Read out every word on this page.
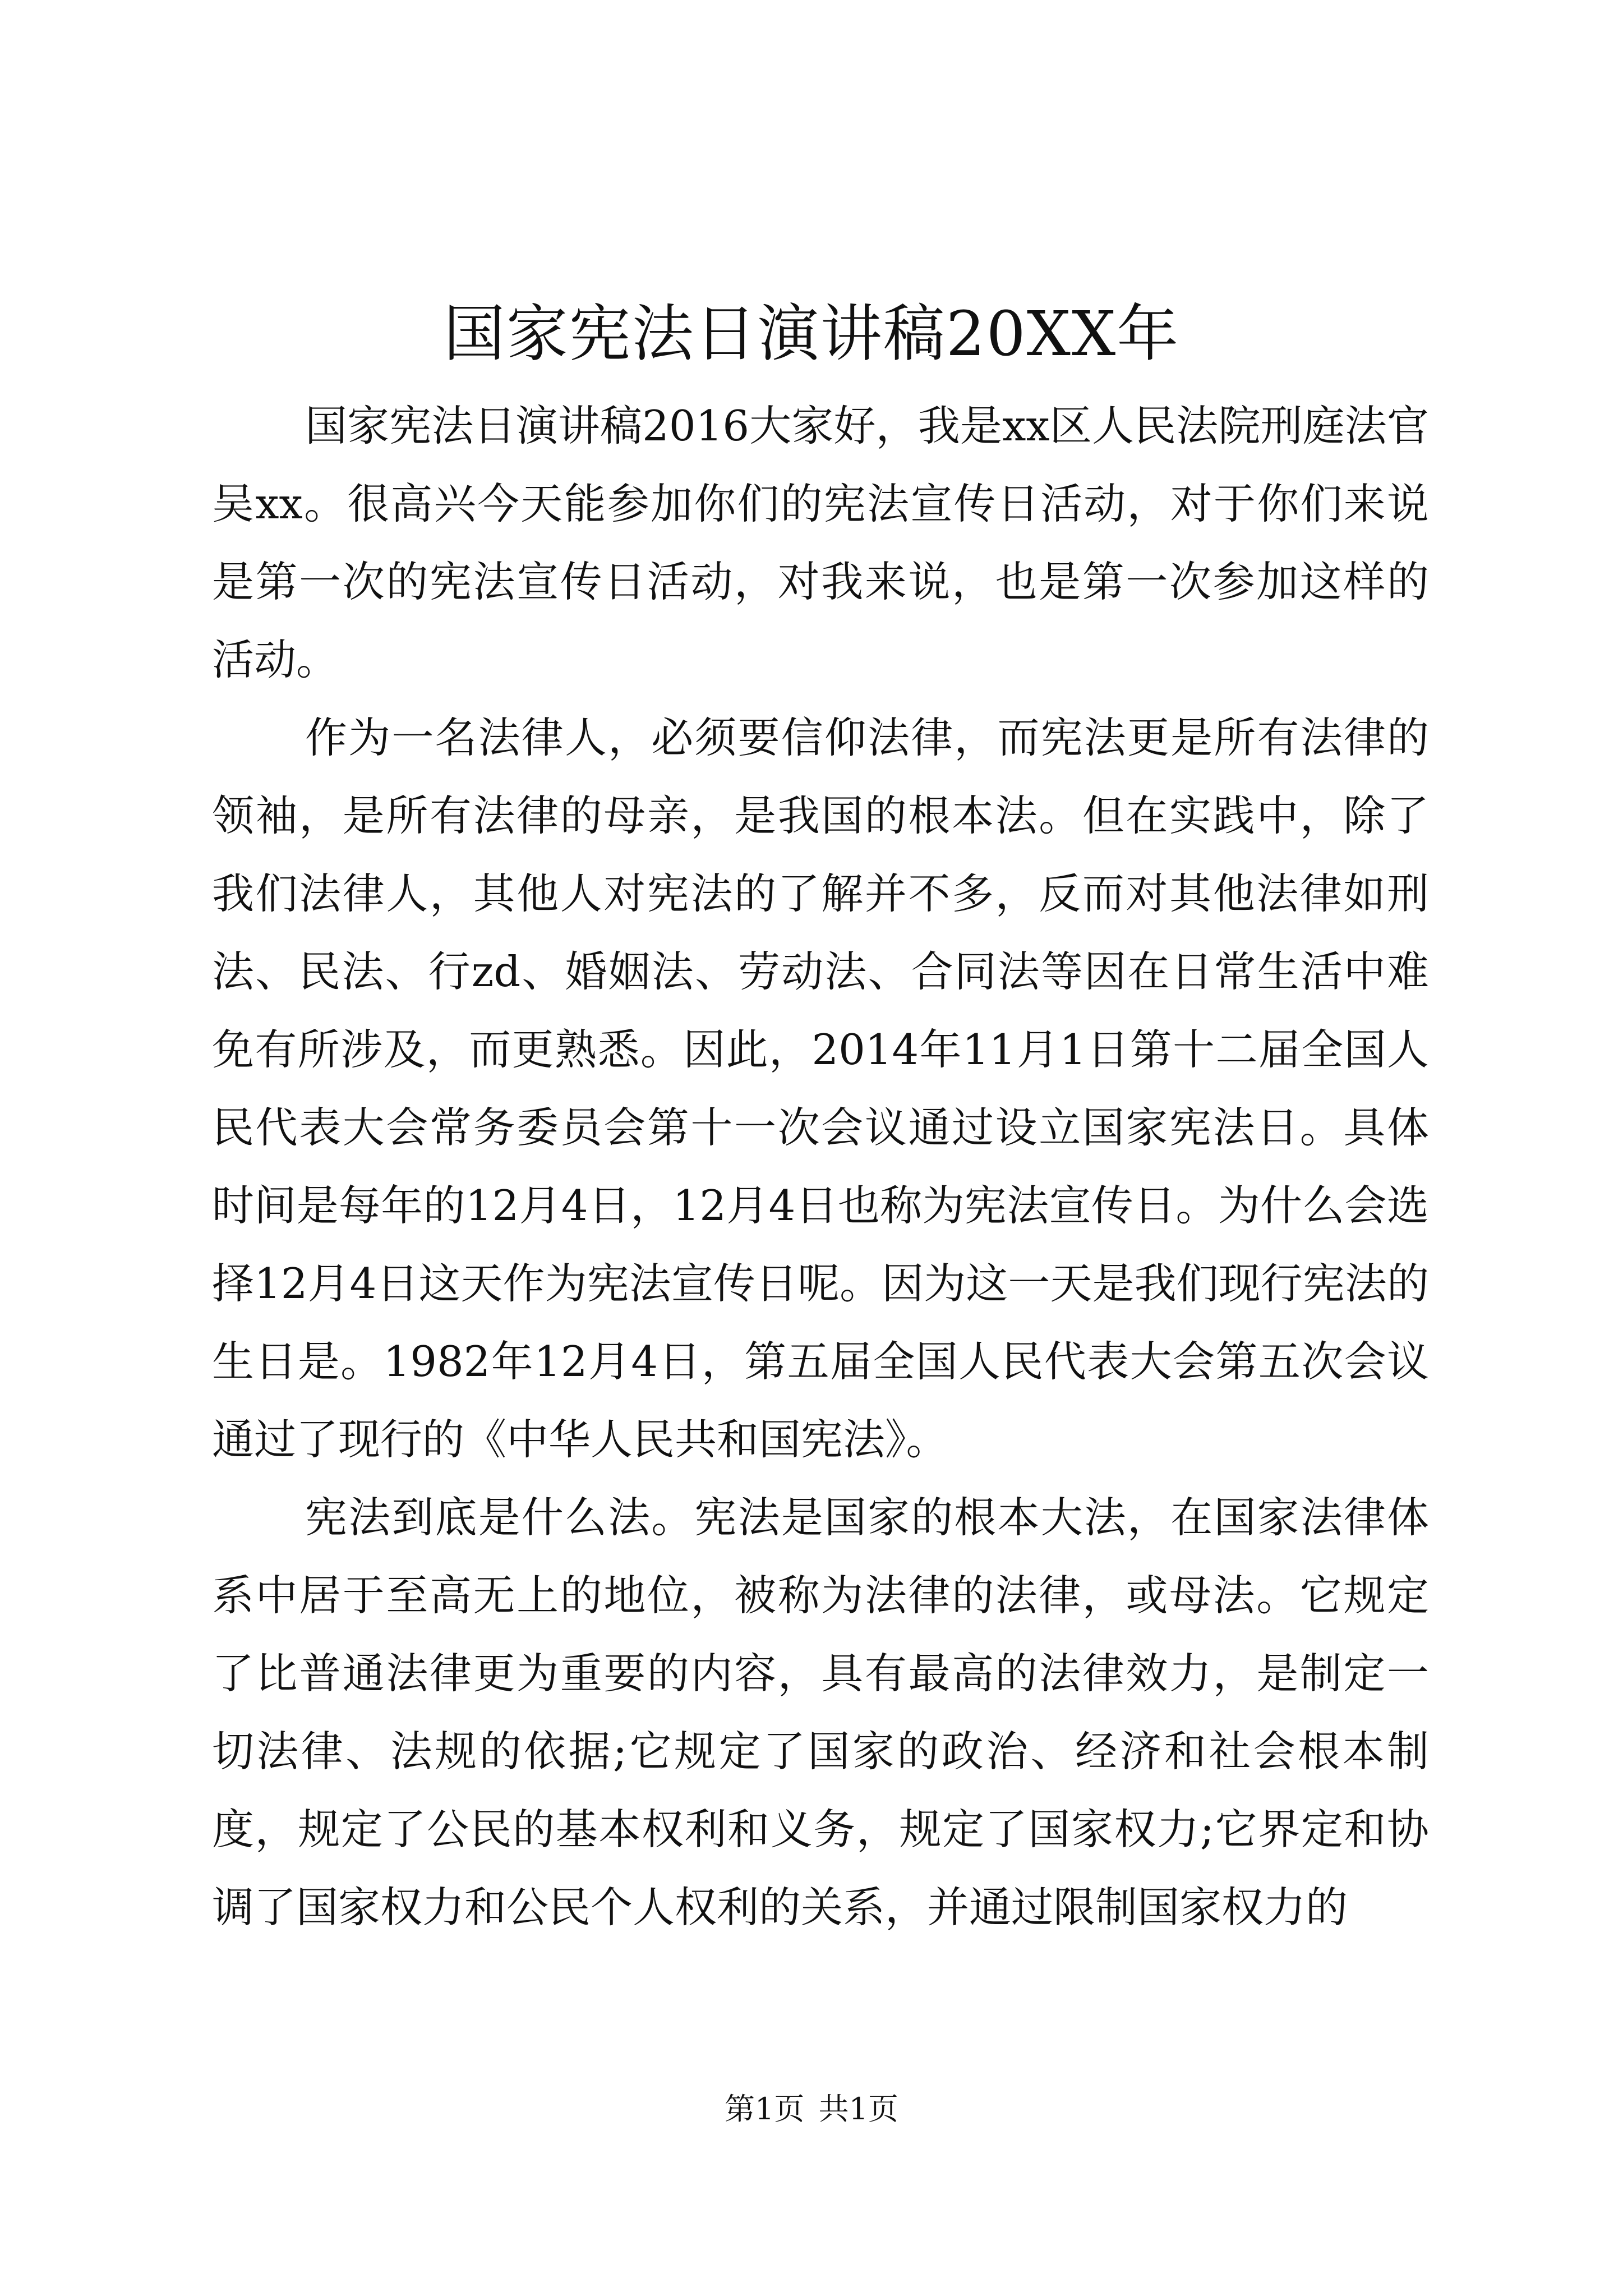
国家宪法日演讲稿20XX年

国家宪法日演讲稿2016大家好，我是xx区人民法院刑庭法官吴xx。很高兴今天能参加你们的宪法宣传日活动，对于你们来说是第一次的宪法宣传日活动，对我来说，也是第一次参加这样的活动。

作为一名法律人，必须要信仰法律，而宪法更是所有法律的领袖，是所有法律的母亲，是我国的根本法。但在实践中，除了我们法律人，其他人对宪法的了解并不多，反而对其他法律如刑法、民法、行zd、婚姻法、劳动法、合同法等因在日常生活中难免有所涉及，而更熟悉。因此，2014年11月1日第十二届全国人民代表大会常务委员会第十一次会议通过设立国家宪法日。具体时间是每年的12月4日，12月4日也称为宪法宣传日。为什么会选择12月4日这天作为宪法宣传日呢。因为这一天是我们现行宪法的生日是。1982年12月4日，第五届全国人民代表大会第五次会议通过了现行的《中华人民共和国宪法》。

宪法到底是什么法。宪法是国家的根本大法，在国家法律体系中居于至高无上的地位，被称为法律的法律，或母法。它规定了比普通法律更为重要的内容，具有最高的法律效力，是制定一切法律、法规的依据;它规定了国家的政治、经济和社会根本制度，规定了公民的基本权利和义务，规定了国家权力;它界定和协调了国家权力和公民个人权利的关系，并通过限制国家权力的

第1页 共1页
